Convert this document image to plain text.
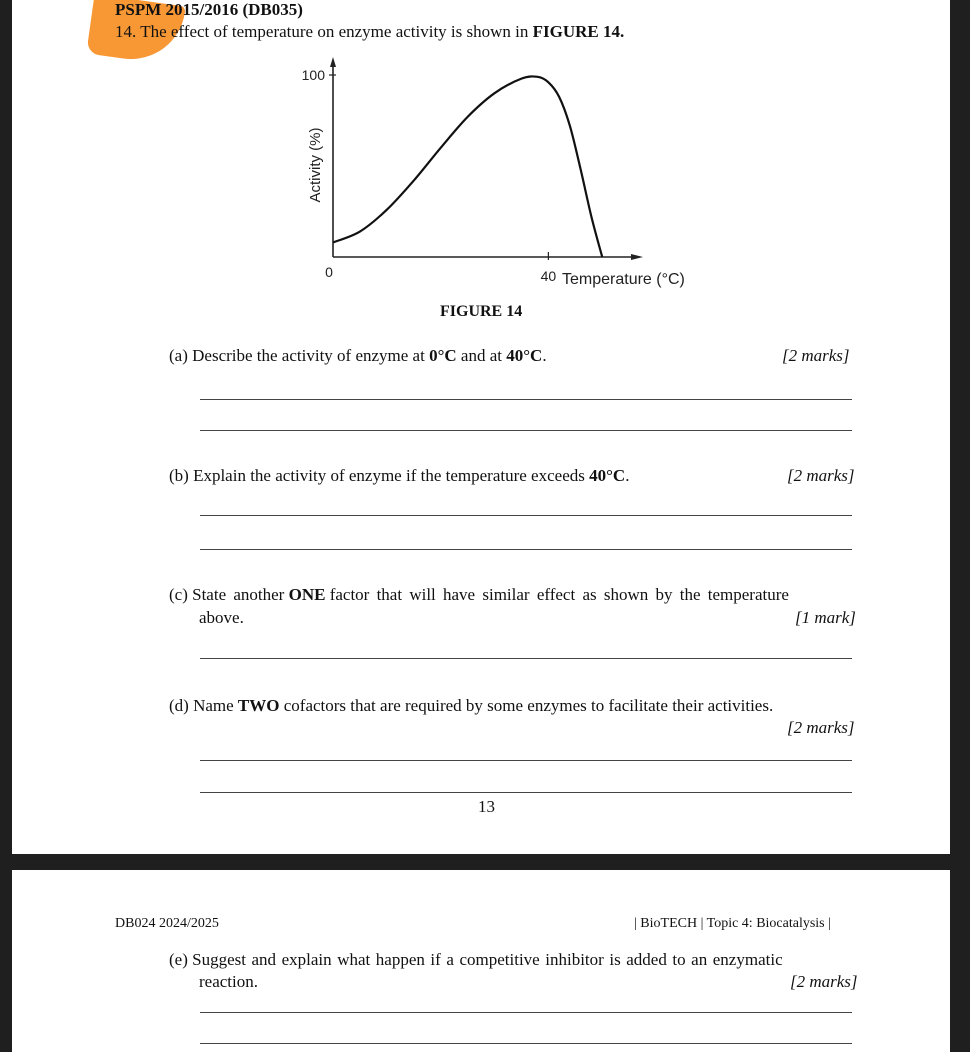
PSPM 2015/2016 (DB035)
14. The effect of temperature on enzyme activity is shown in FIGURE 14.
100
0	40 Temperature (°C)
Activity (%)
FIGURE 14
(a) Describe the activity of enzyme at 0°C and at 40°C.	[2 marks]
(b) Explain the activity of enzyme if the temperature exceeds 40°C.	[2 marks]
(c) State another ONE factor that will have similar effect as shown by the temperature
above.	[1 mark]
(d) Name TWO cofactors that are required by some enzymes to facilitate their activities.
[2 marks]
13
DB024 2024/2025	| BioTECH | Topic 4: Biocatalysis |
(e) Suggest and explain what happen if a competitive inhibitor is added to an enzymatic
reaction.	[2 marks]
